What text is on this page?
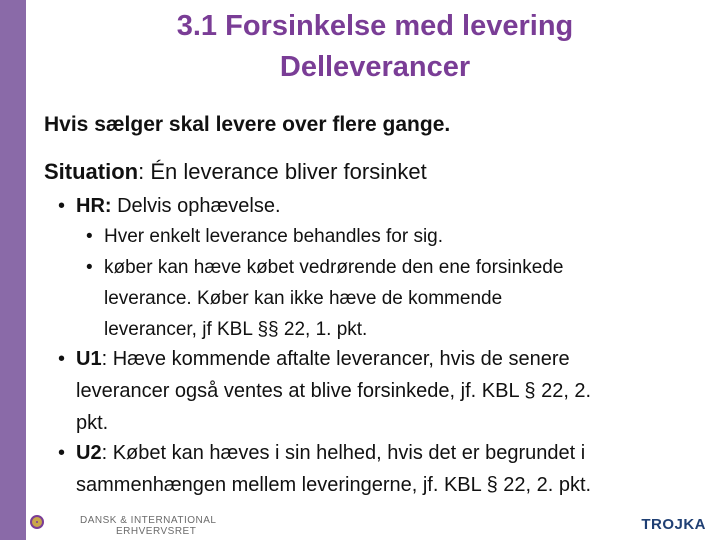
3.1 Forsinkelse med levering
Delleverancer
Hvis sælger skal levere over flere gange.
Situation: Én leverance bliver forsinket
• HR: Delvis ophævelse.
• Hver enkelt leverance behandles for sig.
• køber kan hæve købet vedrørende den ene forsinkede
leverance. Køber kan ikke hæve de kommende
leverancer, jf KBL §§ 22, 1. pkt.
• U1: Hæve kommende aftalte leverancer, hvis de senere
leverancer også ventes at blive forsinkede, jf. KBL § 22, 2.
pkt.
• U2: Købet kan hæves i sin helhed, hvis det er begrundet i
sammenhængen mellem leveringerne, jf. KBL § 22, 2. pkt.
DANSK & INTERNATIONAL
ERHVERVSRET	TROJKA
